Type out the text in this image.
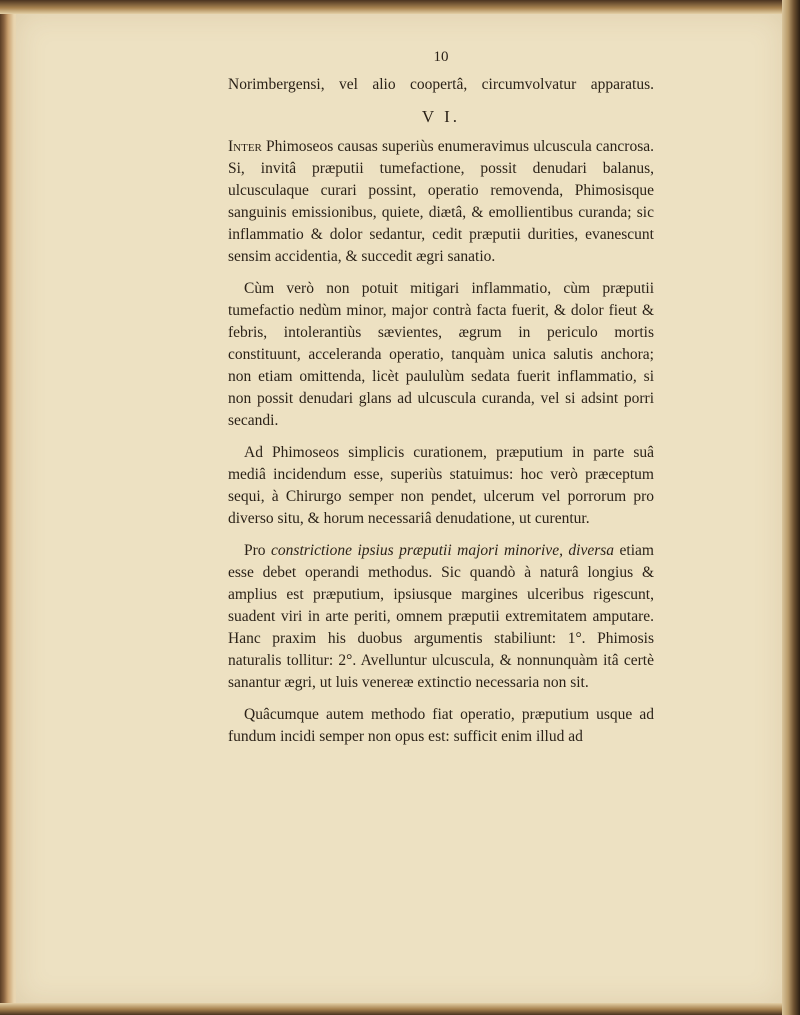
10
Norimbergensi, vel alio coopertâ, circumvolvatur apparatus.
V I.

Inter Phimoseos causas superiùs enumeravimus ulcuscula cancrosa. Si, invitâ præputii tumefactione, possit denudari balanus, ulcusculaque curari possint, operatio removenda, Phimosisque sanguinis emissionibus, quiete, diætâ, & emollientibus curanda; sic inflammatio & dolor sedantur, cedit præputii durities, evanescunt sensim accidentia, & succedit ægri sanatio.

Cùm verò non potuit mitigari inflammatio, cùm præputii tumefactio nedùm minor, major contrà facta fuerit, & dolor fieut & febris, intolerantiùs sævientes, ægrum in periculo mortis constituunt, acceleranda operatio, tanquàm unica salutis anchora; non etiam omittenda, licèt paululùm sedata fuerit inflammatio, si non possit denudari glans ad ulcuscula curanda, vel si adsint porri secandi.

Ad Phimoseos simplicis curationem, præputium in parte suâ mediâ incidendum esse, superiùs statuimus: hoc verò præceptum sequi, à Chirurgo semper non pendet, ulcerum vel porrorum pro diverso situ, & horum necessariâ denudatione, ut curentur.

Pro constrictione ipsius præputii majori minorive, diversa etiam esse debet operandi methodus. Sic quandò à naturâ longius & amplius est præputium, ipsiusque margines ulceribus rigescunt, suadent viri in arte periti, omnem præputii extremitatem amputare. Hanc praxim his duobus argumentis stabiliunt: 1°. Phimosis naturalis tollitur: 2°. Avelluntur ulcuscula, & nonnunquàm itâ certè sanantur ægri, ut luis venereæ extinctio necessaria non sit.

Quâcumque autem methodo fiat operatio, præputium usque ad fundum incidi semper non opus est: sufficit enim illud ad
